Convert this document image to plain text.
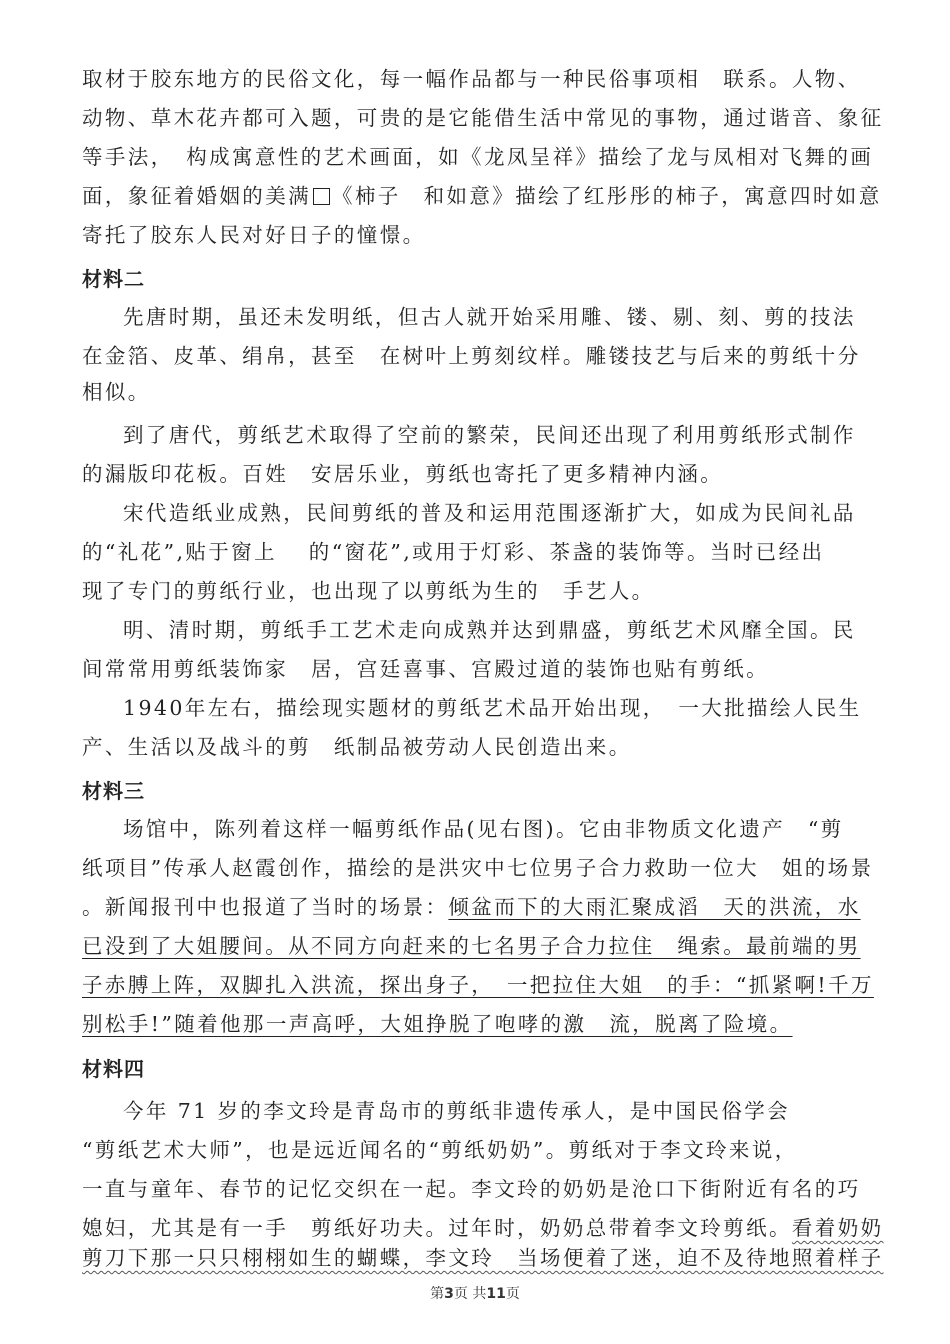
取材于胶东地方的民俗文化，每一幅作品都与一种民俗事项相　联系。人物、
动物、草木花卉都可入题，可贵的是它能借生活中常见的事物，通过谐音、象征
等手法，　构成寓意性的艺术画面，如《龙凤呈祥》描绘了龙与凤相对飞舞的画
面，象征着婚姻的美满 《柿子　和如意》描绘了红彤彤的柿子，寓意四时如意
寄托了胶东人民对好日子的憧憬。
材料二
先唐时期，虽还未发明纸，但古人就开始采用雕、镂、剔、刻、剪的技法
在金箔、皮革、绢帛，甚至　在树叶上剪刻纹样。雕镂技艺与后来的剪纸十分
相似。
到了唐代，剪纸艺术取得了空前的繁荣，民间还出现了利用剪纸形式制作
的漏版印花板。百姓　安居乐业，剪纸也寄托了更多精神内涵。
宋代造纸业成熟，民间剪纸的普及和运用范围逐渐扩大，如成为民间礼品
的“礼花”,贴于窗上　 的“窗花”,或用于灯彩、茶盏的装饰等。当时已经出
现了专门的剪纸行业，也出现了以剪纸为生的　手艺人。
明、清时期，剪纸手工艺术走向成熟并达到鼎盛，剪纸艺术风靡全国。民
间常常用剪纸装饰家　居，宫廷喜事、宫殿过道的装饰也贴有剪纸。
1940年左右，描绘现实题材的剪纸艺术品开始出现，　一大批描绘人民生
产、生活以及战斗的剪　纸制品被劳动人民创造出来。
材料三
场馆中，陈列着这样一幅剪纸作品(见右图)。它由非物质文化遗产　“剪
纸项目”传承人赵霞创作，描绘的是洪灾中七位男子合力救助一位大　姐的场景
。新闻报刊中也报道了当时的场景：倾盆而下的大雨汇聚成滔　天的洪流，水
已没到了大姐腰间。从不同方向赶来的七名男子合力拉住　绳索。最前端的男
子赤膊上阵，双脚扎入洪流，探出身子，　一把拉住大姐　的手：“抓紧啊!千万
别松手!”随着他那一声高呼，大姐挣脱了咆哮的激　流，脱离了险境。
材料四
今年 71 岁的李文玲是青岛市的剪纸非遗传承人，是中国民俗学会
“剪纸艺术大师”，也是远近闻名的“剪纸奶奶”。剪纸对于李文玲来说，
一直与童年、春节的记忆交织在一起。李文玲的奶奶是沧口下街附近有名的巧
媳妇，尤其是有一手　剪纸好功夫。过年时，奶奶总带着李文玲剪纸。看着奶奶
剪刀下那一只只栩栩如生的蝴蝶，李文玲　当场便着了迷，迫不及待地照着样子
第3页 共11页
